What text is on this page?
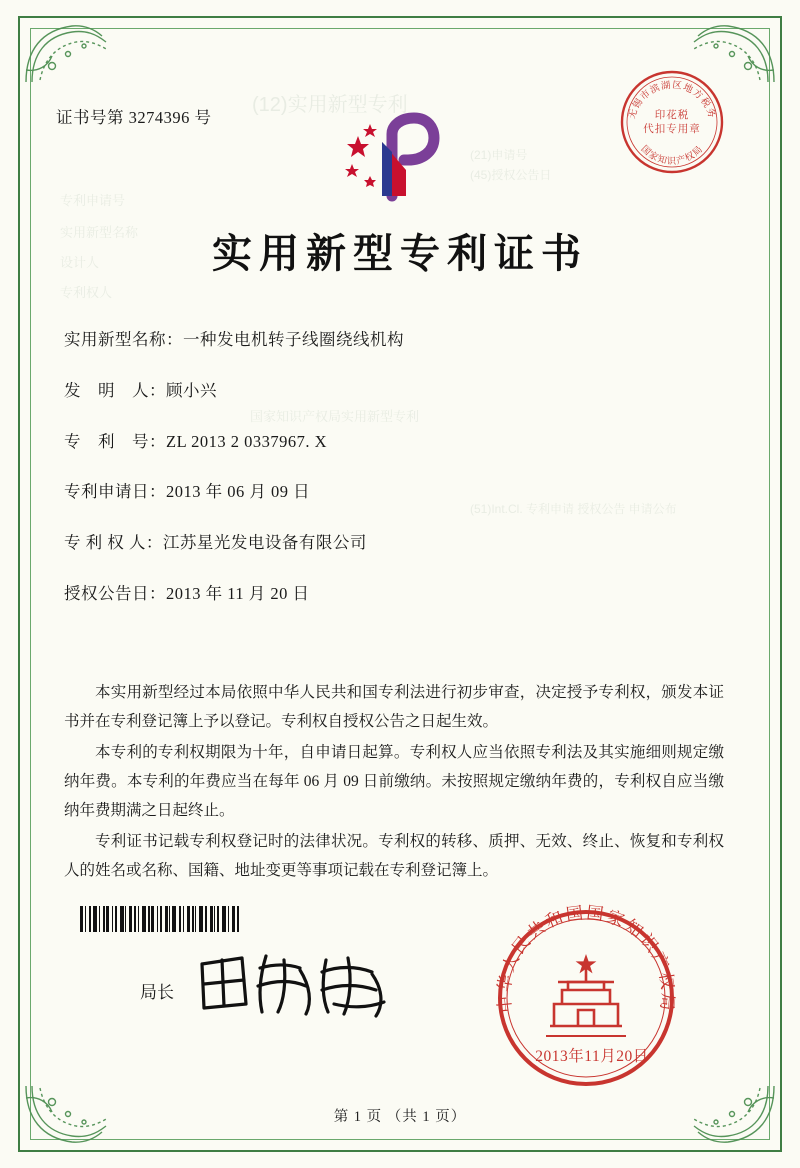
(12)实用新型专利
证书号第 3274396 号	无锡市滨湖区地方税务
国家知识产权局
印花税
代扣专用章
实用新型专利证书
专利申请号
实用新型名称
设计人
专利权人
国家知识产权局实用新型专利
(21)申请号
(45)授权公告日
(51)Int.Cl. 专利申请 授权公告 申请公布
实用新型名称：一种发电机转子线圈绕线机构
发　明　人：顾小兴
专　利　号：ZL 2013 2 0337967. X
专利申请日：2013 年 06 月 09 日
专 利 权 人：江苏星光发电设备有限公司
授权公告日：2013 年 11 月 20 日

本实用新型经过本局依照中华人民共和国专利法进行初步审查，决定授予专利权，颁发本证书并在专利登记簿上予以登记。专利权自授权公告之日起生效。

本专利的专利权期限为十年，自申请日起算。专利权人应当依照专利法及其实施细则规定缴纳年费。本专利的年费应当在每年 06 月 09 日前缴纳。未按照规定缴纳年费的，专利权自应当缴纳年费期满之日起终止。

专利证书记载专利权登记时的法律状况。专利权的转移、质押、无效、终止、恢复和专利权人的姓名或名称、国籍、地址变更等事项记载在专利登记簿上。

局长	中华人民共和国国家知识产权局
2013年11月20日
第 1 页 （共 1 页）
